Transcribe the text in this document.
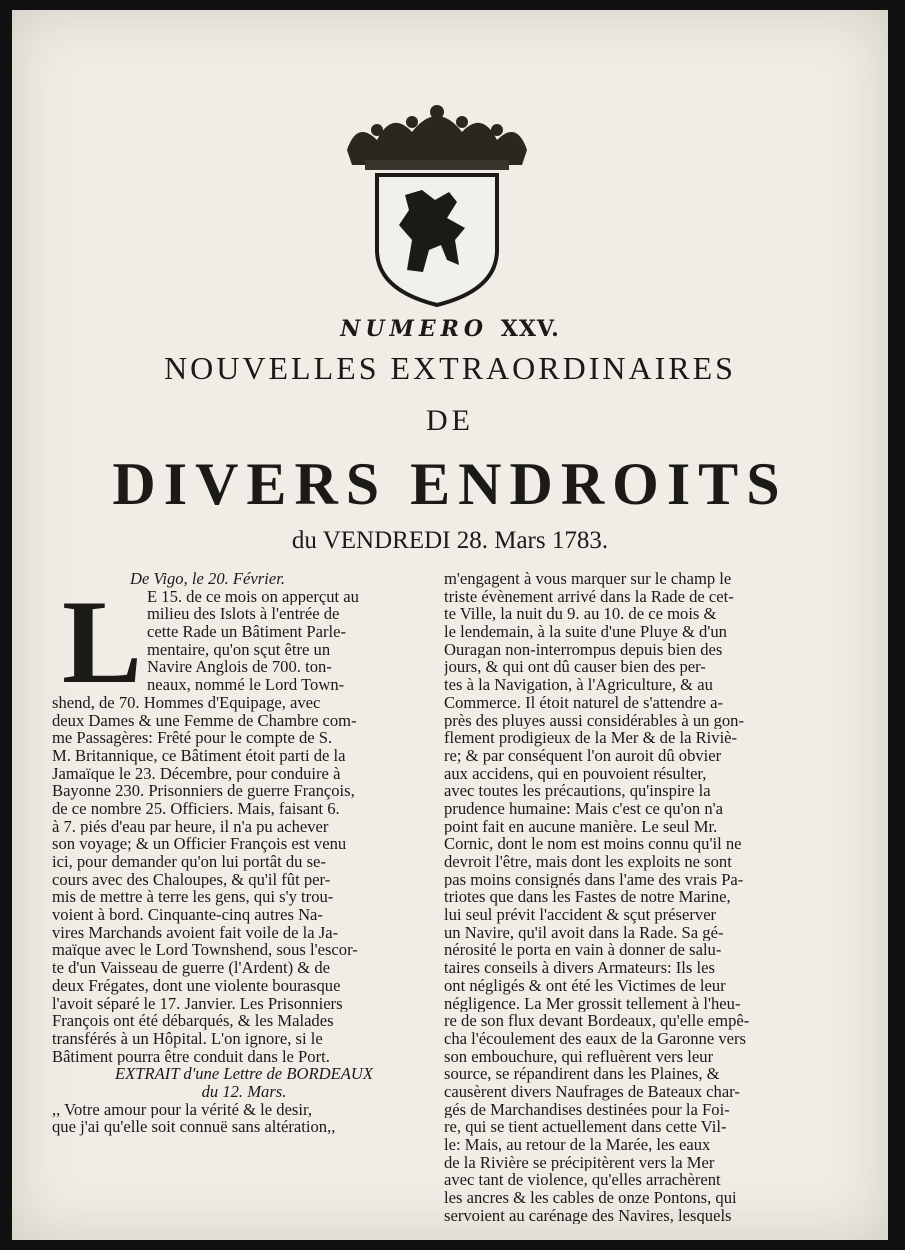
NUMERO XXV.
NOUVELLES EXTRAORDINAIRES
DE
DIVERS ENDROITS
du VENDREDI 28. Mars 1783.
L
De Vigo, le 20. Février.
E 15. de ce mois on apperçut au
milieu des Islots à l'entrée de
cette Rade un Bâtiment Parle-
mentaire, qu'on sçut être un
Navire Anglois de 700. ton-
neaux, nommé le Lord Town-
shend, de 70. Hommes d'Equipage, avec
deux Dames & une Femme de Chambre com-
me Passagères: Frêté pour le compte de S.
M. Britannique, ce Bâtiment étoit parti de la
Jamaïque le 23. Décembre, pour conduire à
Bayonne 230. Prisonniers de guerre François,
de ce nombre 25. Officiers. Mais, faisant 6.
à 7. piés d'eau par heure, il n'a pu achever
son voyage; & un Officier François est venu
ici, pour demander qu'on lui portât du se-
cours avec des Chaloupes, & qu'il fût per-
mis de mettre à terre les gens, qui s'y trou-
voient à bord. Cinquante-cinq autres Na-
vires Marchands avoient fait voile de la Ja-
maïque avec le Lord Townshend, sous l'escor-
te d'un Vaisseau de guerre (l'Ardent) & de
deux Frégates, dont une violente bourasque
l'avoit séparé le 17. Janvier. Les Prisonniers
François ont été débarqués, & les Malades
transférés à un Hôpital. L'on ignore, si le
Bâtiment pourra être conduit dans le Port.
EXTRAIT d'une Lettre de BORDEAUX
du 12. Mars.
,, Votre amour pour la vérité & le desir,
que j'ai qu'elle soit connuë sans altération,,
m'engagent à vous marquer sur le champ le
triste évènement arrivé dans la Rade de cet-
te Ville, la nuit du 9. au 10. de ce mois &
le lendemain, à la suite d'une Pluye & d'un
Ouragan non-interrompus depuis bien des
jours, & qui ont dû causer bien des per-
tes à la Navigation, à l'Agriculture, & au
Commerce. Il étoit naturel de s'attendre a-
près des pluyes aussi considérables à un gon-
flement prodigieux de la Mer & de la Riviè-
re; & par conséquent l'on auroit dû obvier
aux accidens, qui en pouvoient résulter,
avec toutes les précautions, qu'inspire la
prudence humaine: Mais c'est ce qu'on n'a
point fait en aucune manière. Le seul Mr.
Cornic, dont le nom est moins connu qu'il ne
devroit l'être, mais dont les exploits ne sont
pas moins consignés dans l'ame des vrais Pa-
triotes que dans les Fastes de notre Marine,
lui seul prévit l'accident & sçut préserver
un Navire, qu'il avoit dans la Rade. Sa gé-
nérosité le porta en vain à donner de salu-
taires conseils à divers Armateurs: Ils les
ont négligés & ont été les Victimes de leur
négligence. La Mer grossit tellement à l'heu-
re de son flux devant Bordeaux, qu'elle empê-
cha l'écoulement des eaux de la Garonne vers
son embouchure, qui refluèrent vers leur
source, se répandirent dans les Plaines, &
causèrent divers Naufrages de Bateaux char-
gés de Marchandises destinées pour la Foi-
re, qui se tient actuellement dans cette Vil-
le: Mais, au retour de la Marée, les eaux
de la Rivière se précipitèrent vers la Mer
avec tant de violence, qu'elles arrachèrent
les ancres & les cables de onze Pontons, qui
servoient au carénage des Navires, lesquels
